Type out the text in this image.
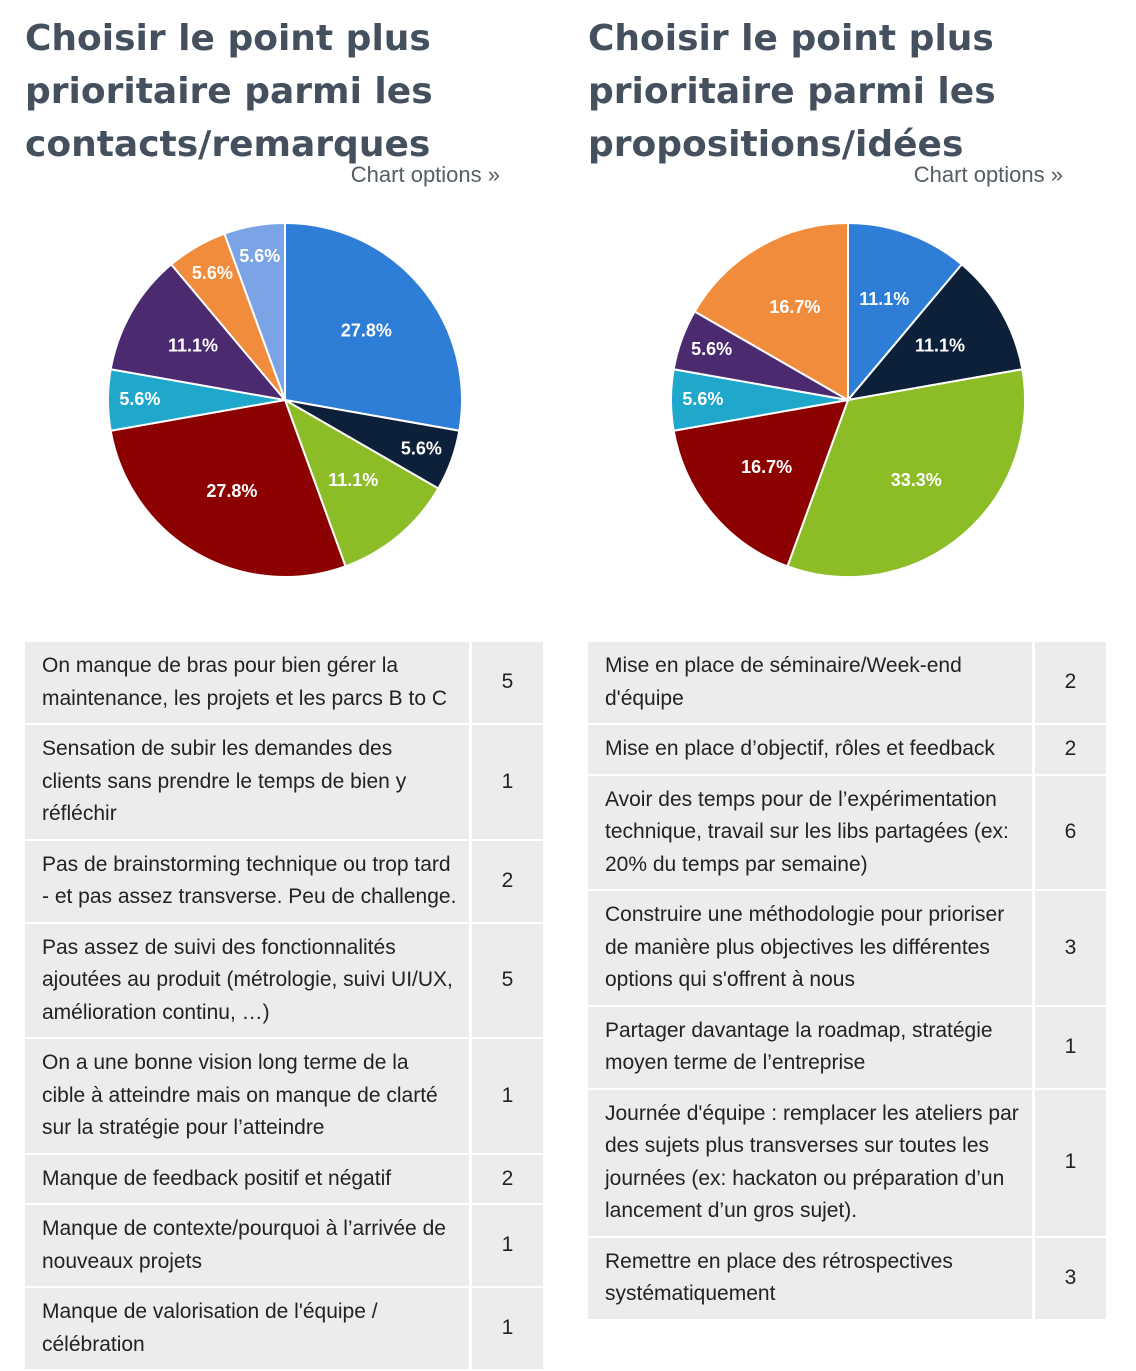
Choisir le point plus prioritaire parmi les contacts/remarques
Chart options »
27.8%
5.6%
11.1%
27.8%
5.6%
11.1%
5.6%
5.6%
On manque de bras pour bien gérer la maintenance, les projets et les parcs B to C	5
Sensation de subir les demandes des clients sans prendre le temps de bien y réfléchir	1
Pas de brainstorming technique ou trop tard - et pas assez transverse. Peu de challenge.	2
Pas assez de suivi des fonctionnalités ajoutées au produit (métrologie, suivi UI/UX, amélioration continu, …)	5
On a une bonne vision long terme de la cible à atteindre mais on manque de clarté sur la stratégie pour l’atteindre	1
Manque de feedback positif et négatif	2
Manque de contexte/pourquoi à l’arrivée de nouveaux projets	1
Manque de valorisation de l'équipe / célébration	1
Choisir le point plus prioritaire parmi les propositions/idées
Chart options »
11.1%
11.1%
33.3%
16.7%
5.6%
5.6%
16.7%
Mise en place de séminaire/Week-end d'équipe	2
Mise en place d’objectif, rôles et feedback	2
Avoir des temps pour de l’expérimentation technique, travail sur les libs partagées (ex: 20% du temps par semaine)	6
Construire une méthodologie pour prioriser de manière plus objectives les différentes options qui s'offrent à nous	3
Partager davantage la roadmap, stratégie moyen terme de l’entreprise	1
Journée d'équipe : remplacer les ateliers par des sujets plus transverses sur toutes les journées (ex: hackaton ou préparation d’un lancement d’un gros sujet).	1
Remettre en place des rétrospectives systématiquement	3
